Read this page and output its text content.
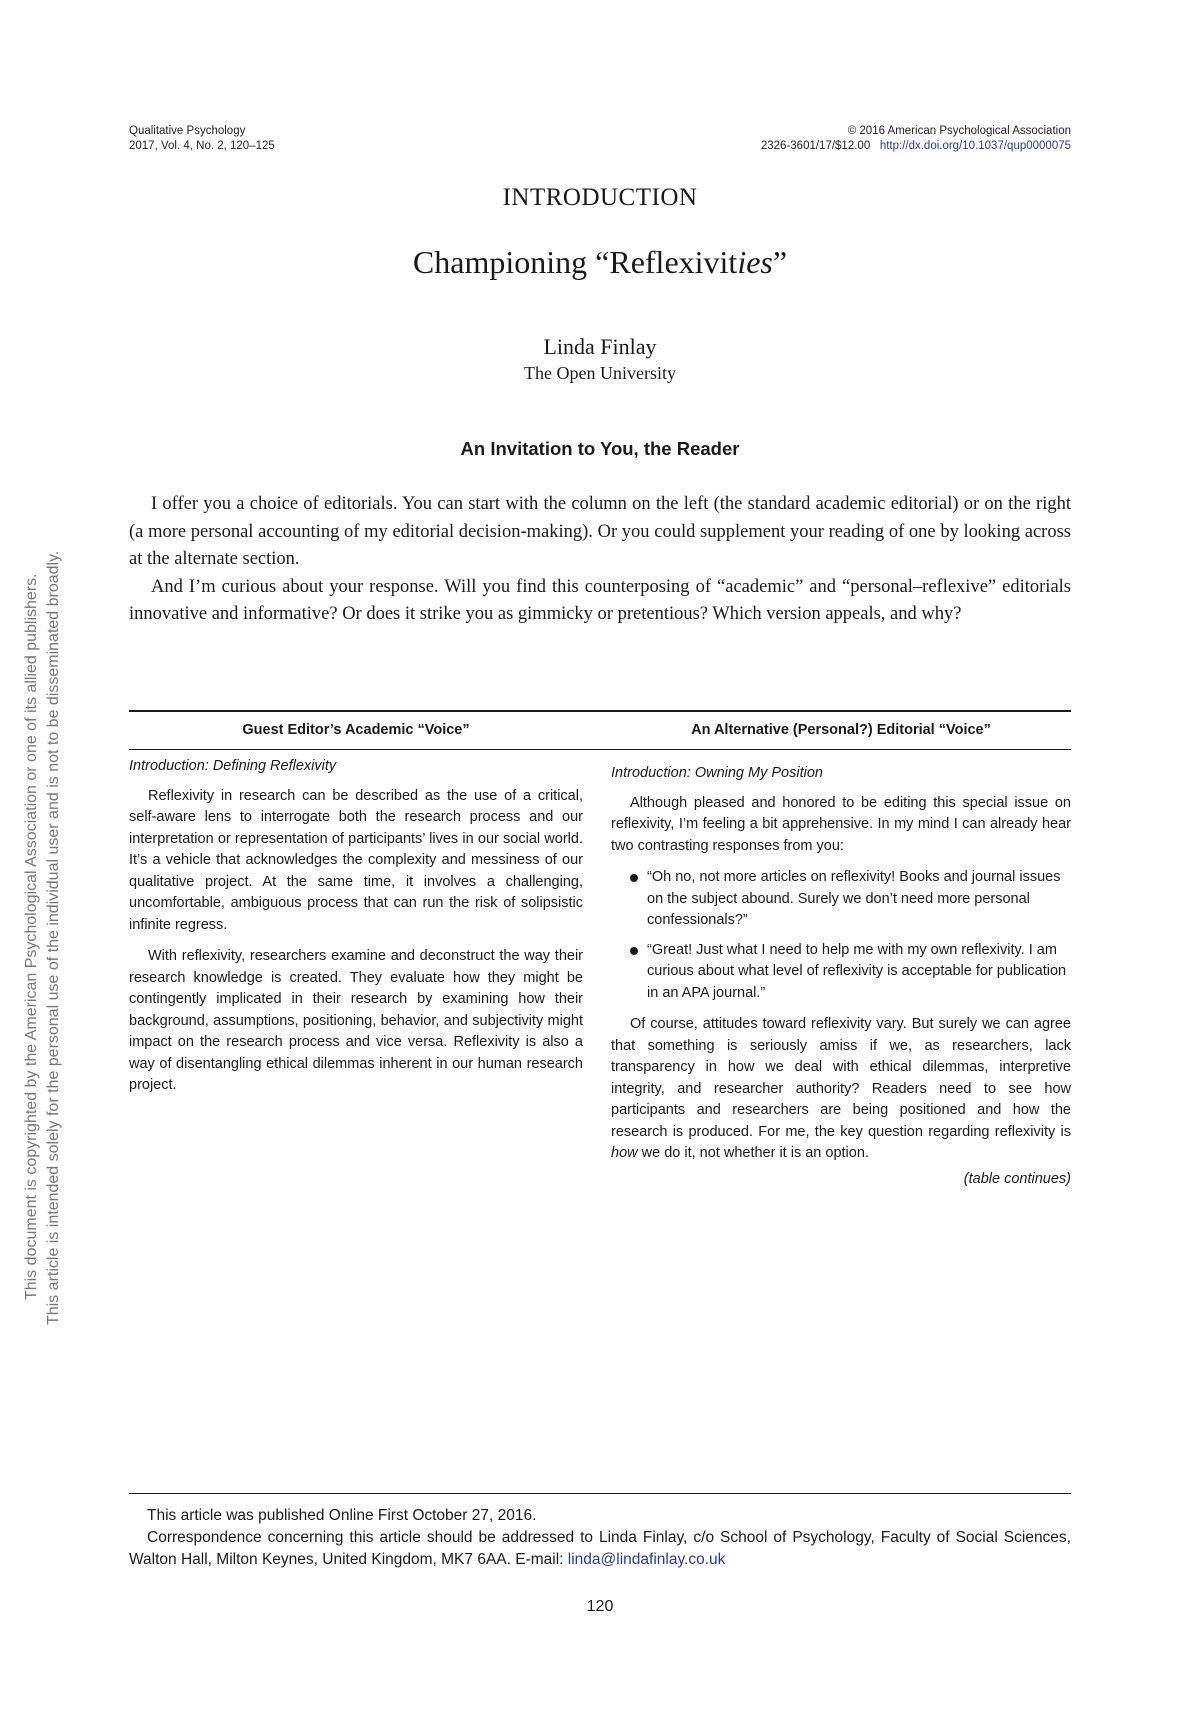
Qualitative Psychology
2017, Vol. 4, No. 2, 120–125
© 2016 American Psychological Association
2326-3601/17/$12.00 http://dx.doi.org/10.1037/qup0000075
INTRODUCTION
Championing “Reflexivities”
Linda Finlay
The Open University
An Invitation to You, the Reader

I offer you a choice of editorials. You can start with the column on the left (the standard academic editorial) or on the right (a more personal accounting of my editorial decision-making). Or you could supplement your reading of one by looking across at the alternate section.

And I’m curious about your response. Will you find this counterposing of “academic” and “personal–reflexive” editorials innovative and informative? Or does it strike you as gimmicky or pretentious? Which version appeals, and why?

Guest Editor’s Academic “Voice”	An Alternative (Personal?) Editorial “Voice”

Introduction: Defining Reflexivity

Reflexivity in research can be described as the use of a critical, self-aware lens to interrogate both the research process and our interpretation or representation of participants’ lives in our social world. It’s a vehicle that acknowledges the complexity and messiness of our qualitative project. At the same time, it involves a challenging, uncomfortable, ambiguous process that can run the risk of solipsistic infinite regress.

With reflexivity, researchers examine and deconstruct the way their research knowledge is created. They evaluate how they might be contingently implicated in their research by examining how their background, assumptions, positioning, behavior, and subjectivity might impact on the research process and vice versa. Reflexivity is also a way of disentangling ethical dilemmas inherent in our human research project.

Introduction: Owning My Position

Although pleased and honored to be editing this special issue on reflexivity, I’m feeling a bit apprehensive. In my mind I can already hear two contrasting responses from you:

“Oh no, not more articles on reflexivity! Books and journal issues on the subject abound. Surely we don’t need more personal confessionals?”
“Great! Just what I need to help me with my own reflexivity. I am curious about what level of reflexivity is acceptable for publication in an APA journal.”

Of course, attitudes toward reflexivity vary. But surely we can agree that something is seriously amiss if we, as researchers, lack transparency in how we deal with ethical dilemmas, interpretive integrity, and researcher authority? Readers need to see how participants and researchers are being positioned and how the research is produced. For me, the key question regarding reflexivity is how we do it, not whether it is an option.

(table continues)

This article was published Online First October 27, 2016.

Correspondence concerning this article should be addressed to Linda Finlay, c/o School of Psychology, Faculty of Social Sciences, Walton Hall, Milton Keynes, United Kingdom, MK7 6AA. E-mail: linda@lindafinlay.co.uk

120
This document is copyrighted by the American Psychological Association or one of its allied publishers. This article is intended solely for the personal use of the individual user and is not to be disseminated broadly.
